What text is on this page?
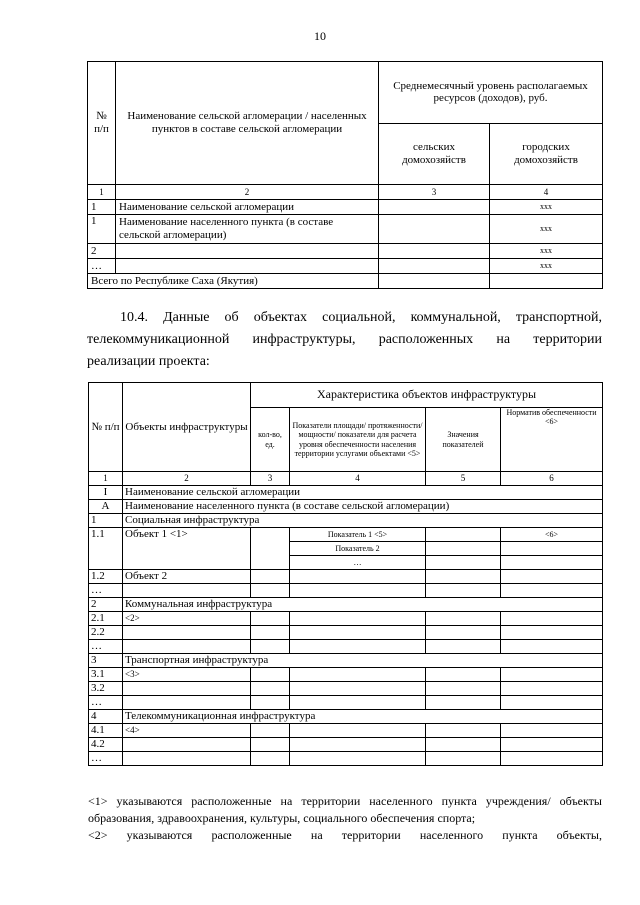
10
№ п/п	Наименование сельской агломерации / населенных пунктов в составе сельской агломерации	Среднемесячный уровень располагаемых ресурсов (доходов), руб.	
		сельских домохозяйств	городских домохозяйств
1	2	3	4
1	Наименование сельской агломерации		xxx
1	Наименование населенного пункта (в составе сельской агломерации)		xxx
2			xxx
…			xxx
Всего по Республике Саха (Якутия)			
10.4. Данные об объектах социальной, коммунальной, транспортной,
телекоммуникационной инфраструктуры, расположенных на территории
реализации проекта:
№ п/п	Объекты инфраструктуры	Характеристика объектов инфраструктуры			
		кол-во, ед.	Показатели площади/ протяженности/ мощности/ показатели для расчета уровня обеспеченности населения территории услугами объектами <5>	Значения показателей	Норматив обеспеченности <6>
1	2	3	4	5	6
I	Наименование сельской агломерации				
A	Наименование населенного пункта (в составе сельской агломерации)				
1	Социальная инфраструктура				
1.1	Объект 1 <1>		Показатель 1 <5>		<6>
			Показатель 2		
			…		
1.2	Объект 2				
…					
2	Коммунальная инфраструктура				
2.1	<2>				
2.2					
…					
3	Транспортная инфраструктура				
3.1	<3>				
3.2					
…					
4	Телекоммуникационная инфраструктура				
4.1	<4>				
4.2					
…					
<1> указываются расположенные на территории населенного пункта учреждения/ объекты
образования, здравоохранения, культуры, социального обеспечения спорта;
<2> указываются расположенные на территории населенного пункта объекты,
